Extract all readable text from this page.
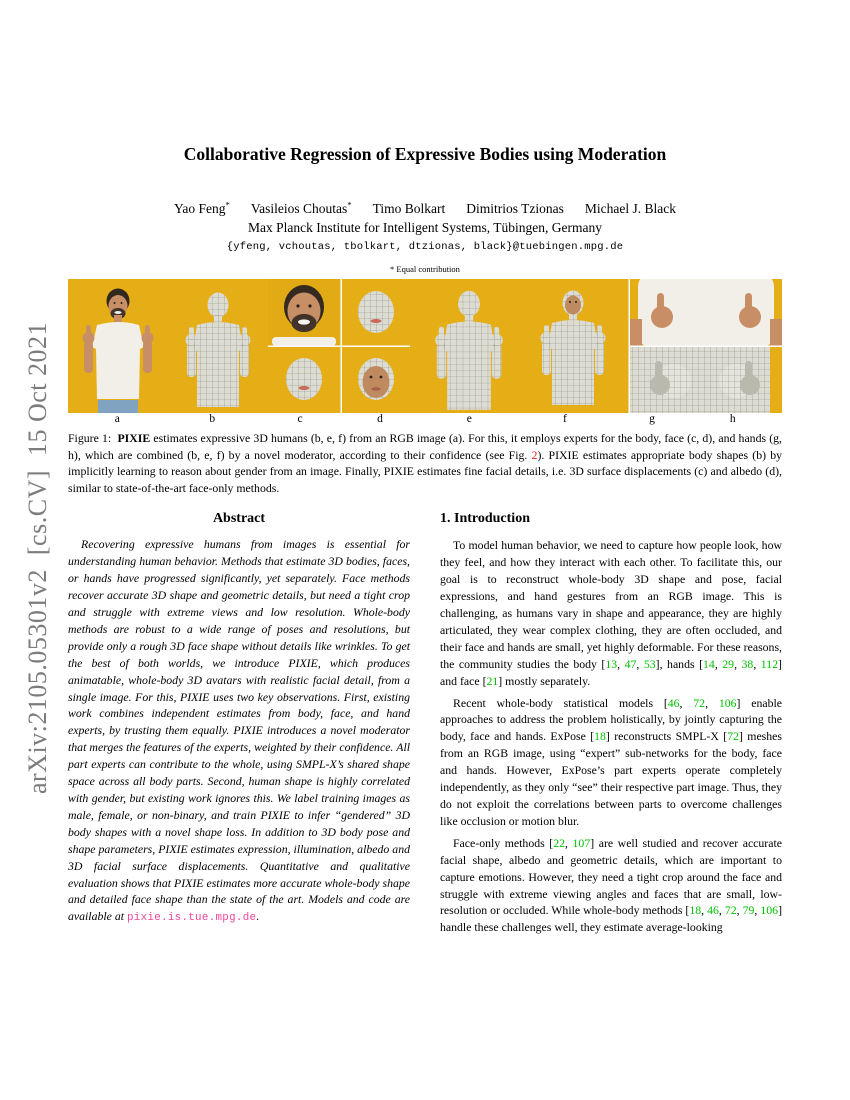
arXiv:2105.05301v2  [cs.CV]  15 Oct 2021
Collaborative Regression of Expressive Bodies using Moderation
Yao Feng* Vasileios Choutas* Timo Bolkart Dimitrios Tzionas Michael J. Black
Max Planck Institute for Intelligent Systems, Tübingen, Germany
{yfeng, vchoutas, tbolkart, dtzionas, black}@tuebingen.mpg.de
* Equal contribution
a	b	c	d	e	f	g	h
Figure 1:  PIXIE estimates expressive 3D humans (b, e, f) from an RGB image (a). For this, it employs experts for the body, face (c, d), and hands (g, h), which are combined (b, e, f) by a novel moderator, according to their confidence (see Fig. 2). PIXIE estimates appropriate body shapes (b) by implicitly learning to reason about gender from an image. Finally, PIXIE estimates fine facial details, i.e. 3D surface displacements (c) and albedo (d), similar to state-of-the-art face-only methods.
Abstract

Recovering expressive humans from images is essential for understanding human behavior. Methods that estimate 3D bodies, faces, or hands have progressed significantly, yet separately. Face methods recover accurate 3D shape and geometric details, but need a tight crop and struggle with extreme views and low resolution. Whole-body methods are robust to a wide range of poses and resolutions, but provide only a rough 3D face shape without details like wrinkles. To get the best of both worlds, we introduce PIXIE, which produces animatable, whole-body 3D avatars with realistic facial detail, from a single image. For this, PIXIE uses two key observations. First, existing work combines independent estimates from body, face, and hand experts, by trusting them equally. PIXIE introduces a novel moderator that merges the features of the experts, weighted by their confidence. All part experts can contribute to the whole, using SMPL-X’s shared shape space across all body parts. Second, human shape is highly correlated with gender, but existing work ignores this. We label training images as male, female, or non-binary, and train PIXIE to infer “gendered” 3D body shapes with a novel shape loss. In addition to 3D body pose and shape parameters, PIXIE estimates expression, illumination, albedo and 3D facial surface displacements. Quantitative and qualitative evaluation shows that PIXIE estimates more accurate whole-body shape and detailed face shape than the state of the art. Models and code are available at pixie.is.tue.mpg.de.

1. Introduction

To model human behavior, we need to capture how people look, how they feel, and how they interact with each other. To facilitate this, our goal is to reconstruct whole-body 3D shape and pose, facial expressions, and hand gestures from an RGB image. This is challenging, as humans vary in shape and appearance, they are highly articulated, they wear complex clothing, they are often occluded, and their face and hands are small, yet highly deformable. For these reasons, the community studies the body [13, 47, 53], hands [14, 29, 38, 112] and face [21] mostly separately.

Recent whole-body statistical models [46, 72, 106] enable approaches to address the problem holistically, by jointly capturing the body, face and hands. ExPose [18] reconstructs SMPL-X [72] meshes from an RGB image, using “expert” sub-networks for the body, face and hands. However, ExPose’s part experts operate completely independently, as they only “see” their respective part image. Thus, they do not exploit the correlations between parts to overcome challenges like occlusion or motion blur.

Face-only methods [22, 107] are well studied and recover accurate facial shape, albedo and geometric details, which are important to capture emotions. However, they need a tight crop around the face and struggle with extreme viewing angles and faces that are small, low-resolution or occluded. While whole-body methods [18, 46, 72, 79, 106] handle these challenges well, they estimate average-looking
